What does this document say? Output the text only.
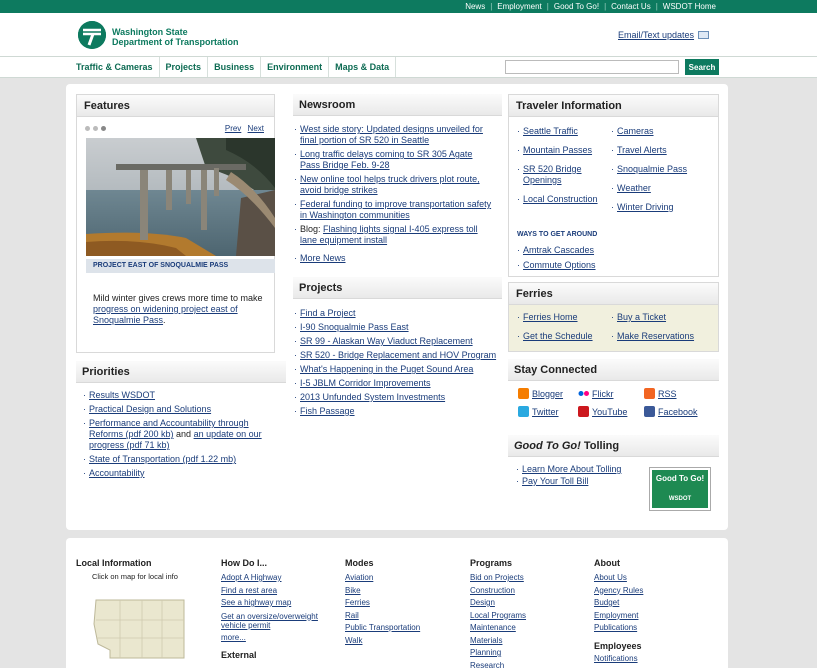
News | Employment | Good To Go! | Contact Us | WSDOT Home
Washington State
Department of Transportation
Email/Text updates
Traffic & Cameras	Projects	Business	Environment	Maps & Data	Search
Features
Prev Next
PROJECT EAST OF SNOQUALMIE PASS
Mild winter gives crews more time to make progress on widening project east of Snoqualmie Pass.
Priorities
· Results WSDOT
· Practical Design and Solutions
· Performance and Accountability through Reforms (pdf 200 kb) and an update on our progress (pdf 71 kb)
· State of Transportation (pdf 1.22 mb)
· Accountability
Newsroom
· West side story: Updated designs unveiled for final portion of SR 520 in Seattle
· Long traffic delays coming to SR 305 Agate Pass Bridge Feb. 9-28
· New online tool helps truck drivers plot route, avoid bridge strikes
· Federal funding to improve transportation safety in Washington communities
· Blog: Flashing lights signal I-405 express toll lane equipment install
· More News
Projects
· Find a Project
· I-90 Snoqualmie Pass East
· SR 99 - Alaskan Way Viaduct Replacement
· SR 520 - Bridge Replacement and HOV Program
· What's Happening in the Puget Sound Area
· I-5 JBLM Corridor Improvements
· 2013 Unfunded System Investments
· Fish Passage
Traveler Information
· Seattle Traffic
· Mountain Passes
· SR 520 Bridge Openings
· Local Construction
· Cameras
· Travel Alerts
· Snoqualmie Pass
· Weather
· Winter Driving
WAYS TO GET AROUND
· Amtrak Cascades
· Commute Options
Ferries
· Ferries Home
· Get the Schedule
· Buy a Ticket
· Make Reservations
Stay Connected
Blogger	Flickr	RSS
Twitter	YouTube	Facebook
Good To Go! Tolling
· Learn More About Tolling
· Pay Your Toll Bill	Good To Go!
WSDOT
Local Information
Click on map for local info
How Do I...
Adopt A Highway
Find a rest area
See a highway map
Get an oversize/overweight vehicle permit
more...
External
Modes
Aviation
Bike
Ferries
Rail
Public Transportation
Walk
Programs
Bid on Projects
Construction
Design
Local Programs
Maintenance
Materials
Planning
Research
About
About Us
Agency Rules
Budget
Employment
Publications
Employees
Notifications
